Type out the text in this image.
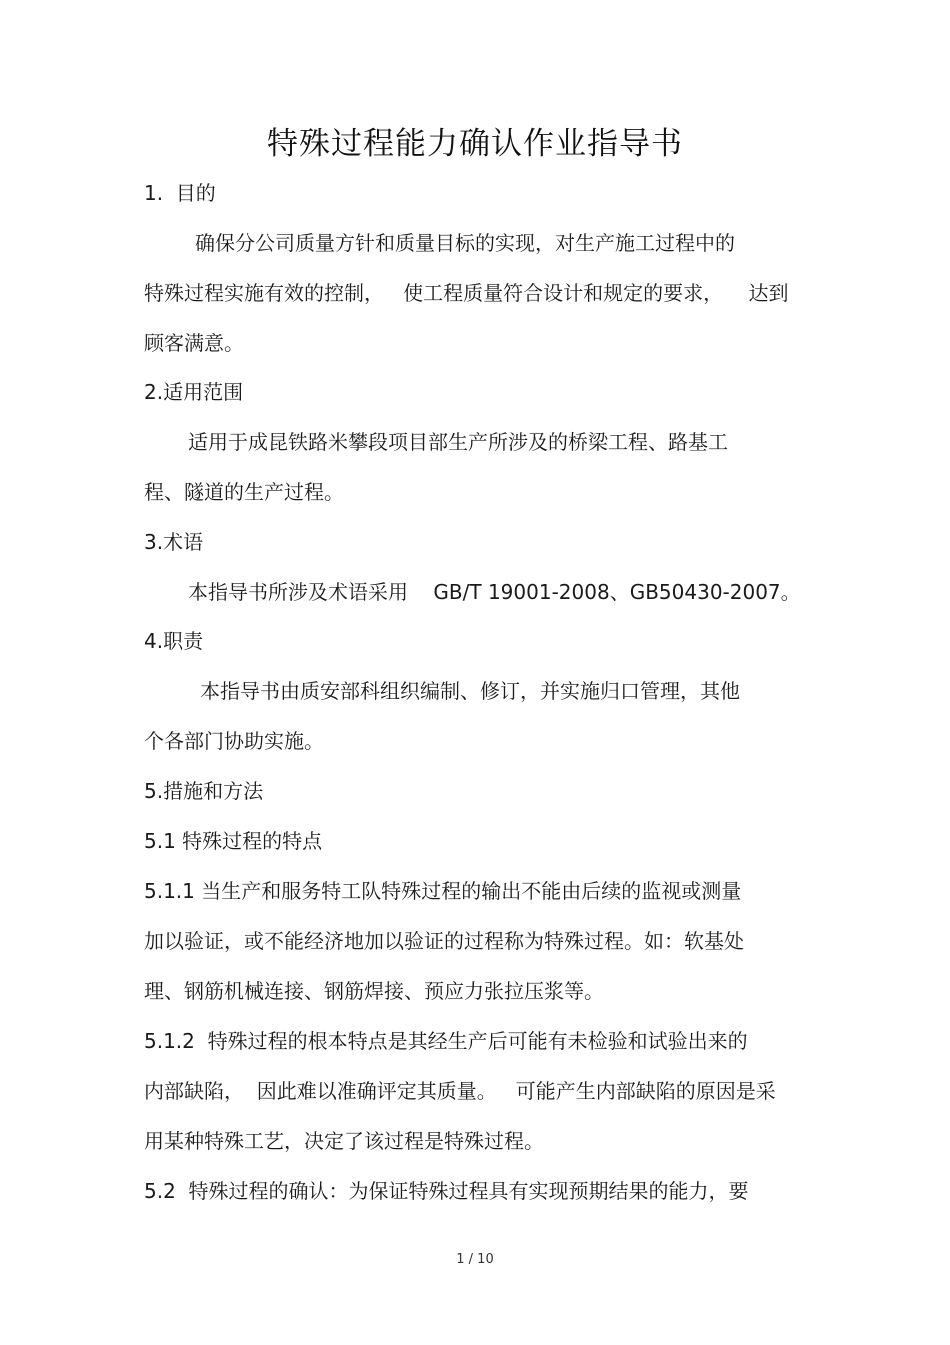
特殊过程能力确认作业指导书
1.  目的
确保分公司质量方针和质量目标的实现，对生产施工过程中的
特殊过程实施有效的控制，   使工程质量符合设计和规定的要求，    达到
顾客满意。
2.适用范围
适用于成昆铁路米攀段项目部生产所涉及的桥梁工程、路基工
程、隧道的生产过程。
3.术语
本指导书所涉及术语采用    GB/T 19001-2008、GB50430-2007。
4.职责
本指导书由质安部科组织编制、修订，并实施归口管理，其他
个各部门协助实施。
5.措施和方法
5.1 特殊过程的特点
5.1.1 当生产和服务特工队特殊过程的输出不能由后续的监视或测量
加以验证，或不能经济地加以验证的过程称为特殊过程。如：软基处
理、钢筋机械连接、钢筋焊接、预应力张拉压浆等。
5.1.2  特殊过程的根本特点是其经生产后可能有未检验和试验出来的
内部缺陷，  因此难以准确评定其质量。   可能产生内部缺陷的原因是采
用某种特殊工艺，决定了该过程是特殊过程。
5.2  特殊过程的确认：为保证特殊过程具有实现预期结果的能力，要
1 / 10
